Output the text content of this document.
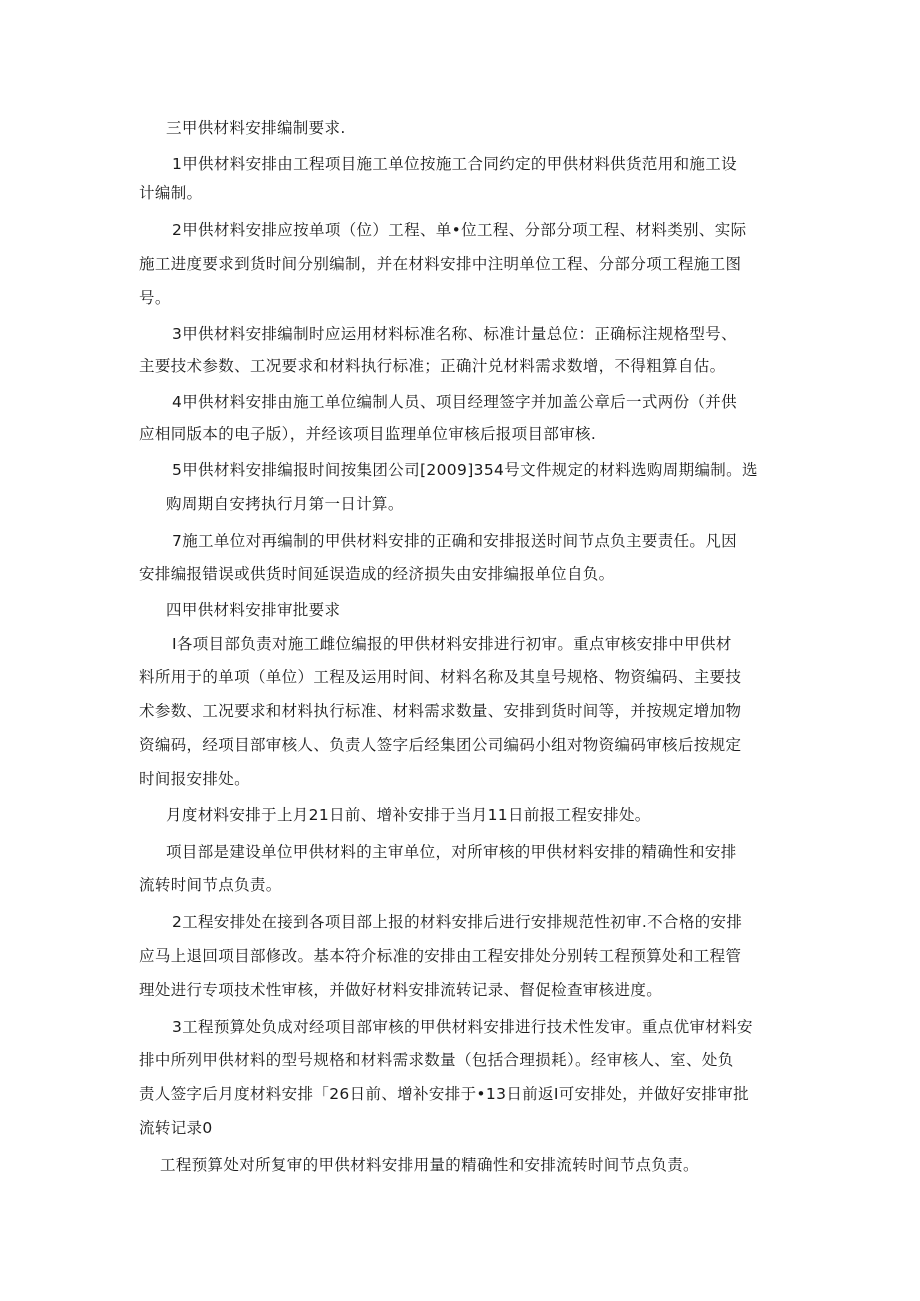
三甲供材料安排编制要求.
1甲供材料安排由工程项目施工单位按施工合同约定的甲供材料供货范用和施工设
计编制。
2甲供材料安排应按单项（位）工程、单•位工程、分部分项工程、材料类别、实际
施工进度要求到货时间分别编制，并在材料安排中注明单位工程、分部分项工程施工图
号。
3甲供材料安排编制时应运用材料标准名称、标准计量总位：正确标注规格型号、
主要技术参数、工况要求和材料执行标准；正确汁兑材料需求数增，不得粗算自估。
4甲供材料安排由施工单位编制人员、项目经理签字并加盖公章后一式两份（并供
应相同版本的电子版），并经该项目监理单位审核后报项目部审核.
5甲供材料安排编报时间按集团公司[2009]354号文件规定的材料选购周期编制。选
购周期自安拷执行月第一日计算。
7施工单位对再编制的甲供材料安排的正确和安排报送时间节点负主要责任。凡因
安排编报错误或供货时间延误造成的经济损失由安排编报单位自负。
四甲供材料安排审批要求
I各项目部负责对施工雌位编报的甲供材料安排进行初审。重点审核安排中甲供材
料所用于的单项（单位）工程及运用时间、材料名称及其皇号规格、物资编码、主要技
术参数、工况要求和材料执行标准、材料需求数量、安排到货时间等，并按规定增加物
资编码，经项目部审核人、负责人签字后经集团公司编码小组对物资编码审核后按规定
时间报安排处。
月度材料安排于上月21日前、增补安排于当月11日前报工程安排处。
项目部是建设单位甲供材料的主审单位，对所审核的甲供材料安排的精确性和安排
流转时间节点负责。
2工程安排处在接到各项目部上报的材料安排后进行安排规范性初审.不合格的安排
应马上退回项目部修改。基本符介标准的安排由工程安排处分别转工程预算处和工程管
理处进行专项技术性审核，并做好材料安排流转记录、督促检查审核进度。
3工程预算处负成对经项目部审核的甲供材料安排进行技术性发审。重点优审材料安
排中所列甲供材料的型号规格和材料需求数量（包括合理损耗）。经审核人、室、处负
责人签字后月度材料安排「26日前、增补安排于•13日前返I可安排处，并做好安排审批
流转记录0
工程预算处对所复审的甲供材料安排用量的精确性和安排流转时间节点负责。
